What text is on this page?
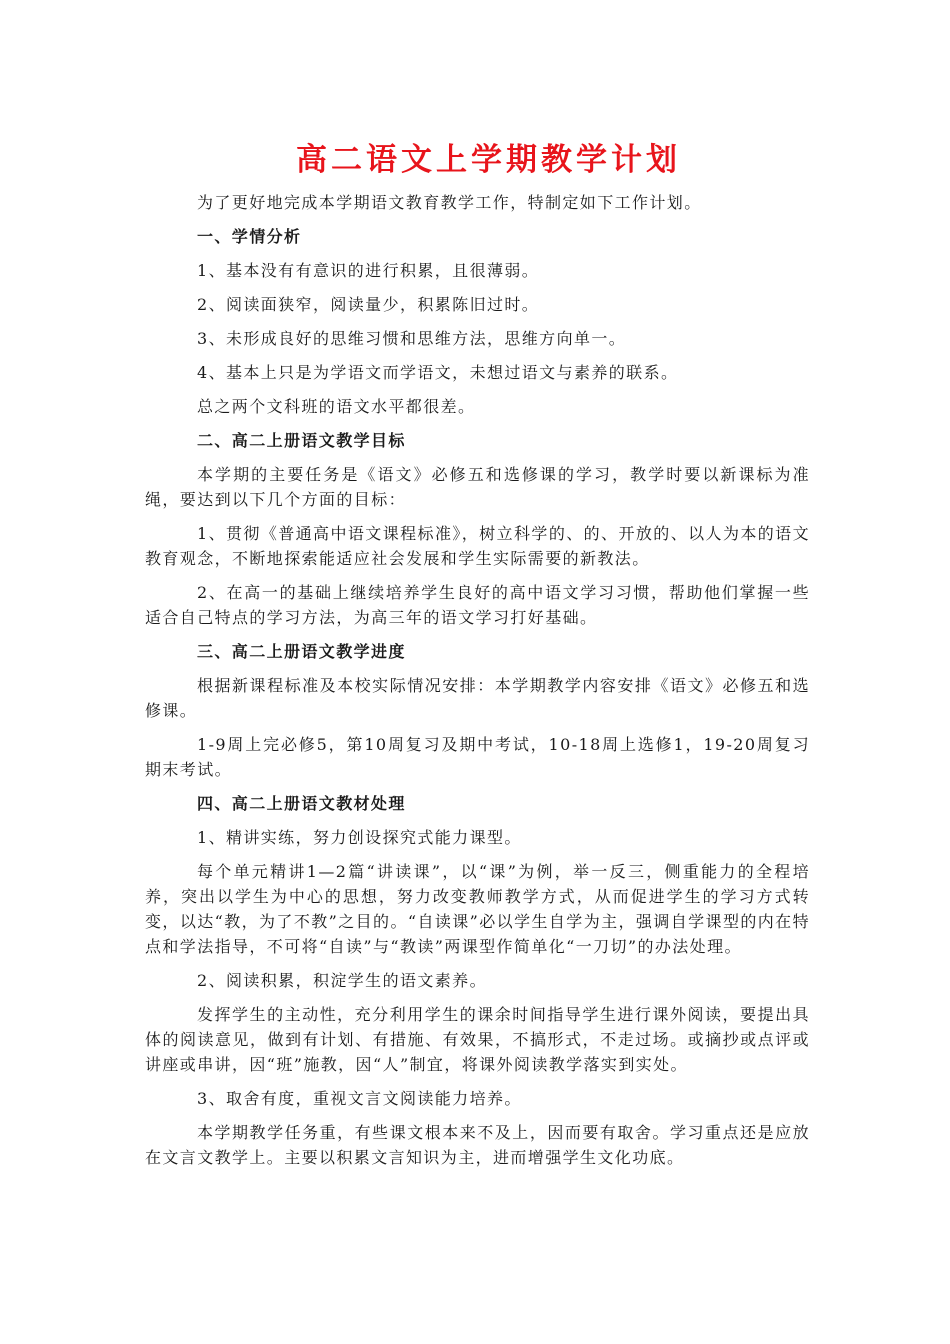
高二语文上学期教学计划

为了更好地完成本学期语文教育教学工作，特制定如下工作计划。

一、学情分析

1、基本没有有意识的进行积累，且很薄弱。

2、阅读面狭窄，阅读量少，积累陈旧过时。

3、未形成良好的思维习惯和思维方法，思维方向单一。

4、基本上只是为学语文而学语文，未想过语文与素养的联系。

总之两个文科班的语文水平都很差。

二、高二上册语文教学目标

本学期的主要任务是《语文》必修五和选修课的学习，教学时要以新课标为准绳，要达到以下几个方面的目标：

1、贯彻《普通高中语文课程标准》，树立科学的、的、开放的、以人为本的语文教育观念，不断地探索能适应社会发展和学生实际需要的新教法。

2、在高一的基础上继续培养学生良好的高中语文学习习惯，帮助他们掌握一些适合自己特点的学习方法，为高三年的语文学习打好基础。

三、高二上册语文教学进度

根据新课程标准及本校实际情况安排：本学期教学内容安排《语文》必修五和选修课。

1-9周上完必修5，第10周复习及期中考试，10-18周上选修1，19-20周复习期末考试。

四、高二上册语文教材处理

1、精讲实练，努力创设探究式能力课型。

每个单元精讲1—2篇“讲读课”，以“课”为例，举一反三，侧重能力的全程培养，突出以学生为中心的思想，努力改变教师教学方式，从而促进学生的学习方式转变，以达“教，为了不教”之目的。“自读课”必以学生自学为主，强调自学课型的内在特点和学法指导，不可将“自读”与“教读”两课型作简单化“一刀切”的办法处理。

2、阅读积累，积淀学生的语文素养。

发挥学生的主动性，充分利用学生的课余时间指导学生进行课外阅读，要提出具体的阅读意见，做到有计划、有措施、有效果，不搞形式，不走过场。或摘抄或点评或讲座或串讲，因“班”施教，因“人”制宜，将课外阅读教学落实到实处。

3、取舍有度，重视文言文阅读能力培养。

本学期教学任务重，有些课文根本来不及上，因而要有取舍。学习重点还是应放在文言文教学上。主要以积累文言知识为主，进而增强学生文化功底。
